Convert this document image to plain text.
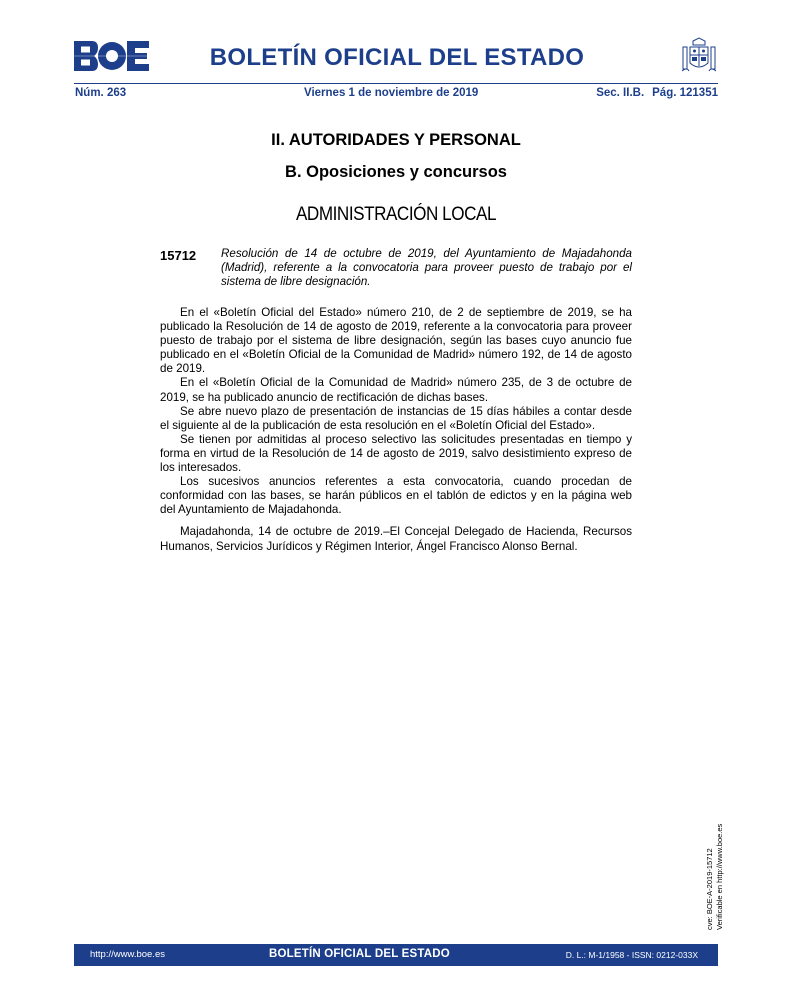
BOLETÍN OFICIAL DEL ESTADO
Núm. 263	Viernes 1 de noviembre de 2019	Sec. II.B. Pág. 121351
II. AUTORIDADES Y PERSONAL
B. Oposiciones y concursos
ADMINISTRACIÓN LOCAL
15712 Resolución de 14 de octubre de 2019, del Ayuntamiento de Majadahonda (Madrid), referente a la convocatoria para proveer puesto de trabajo por el sistema de libre designación.

En el «Boletín Oficial del Estado» número 210, de 2 de septiembre de 2019, se ha publicado la Resolución de 14 de agosto de 2019, referente a la convocatoria para proveer puesto de trabajo por el sistema de libre designación, según las bases cuyo anuncio fue publicado en el «Boletín Oficial de la Comunidad de Madrid» número 192, de 14 de agosto de 2019.

En el «Boletín Oficial de la Comunidad de Madrid» número 235, de 3 de octubre de 2019, se ha publicado anuncio de rectificación de dichas bases.

Se abre nuevo plazo de presentación de instancias de 15 días hábiles a contar desde el siguiente al de la publicación de esta resolución en el «Boletín Oficial del Estado».

Se tienen por admitidas al proceso selectivo las solicitudes presentadas en tiempo y forma en virtud de la Resolución de 14 de agosto de 2019, salvo desistimiento expreso de los interesados.

Los sucesivos anuncios referentes a esta convocatoria, cuando procedan de conformidad con las bases, se harán públicos en el tablón de edictos y en la página web del Ayuntamiento de Majadahonda.

Majadahonda, 14 de octubre de 2019.–El Concejal Delegado de Hacienda, Recursos Humanos, Servicios Jurídicos y Régimen Interior, Ángel Francisco Alonso Bernal.

cve: BOE-A-2019-15712 Verificable en http://www.boe.es
http://www.boe.es	BOLETÍN OFICIAL DEL ESTADO	D. L.: M-1/1958 - ISSN: 0212-033X
